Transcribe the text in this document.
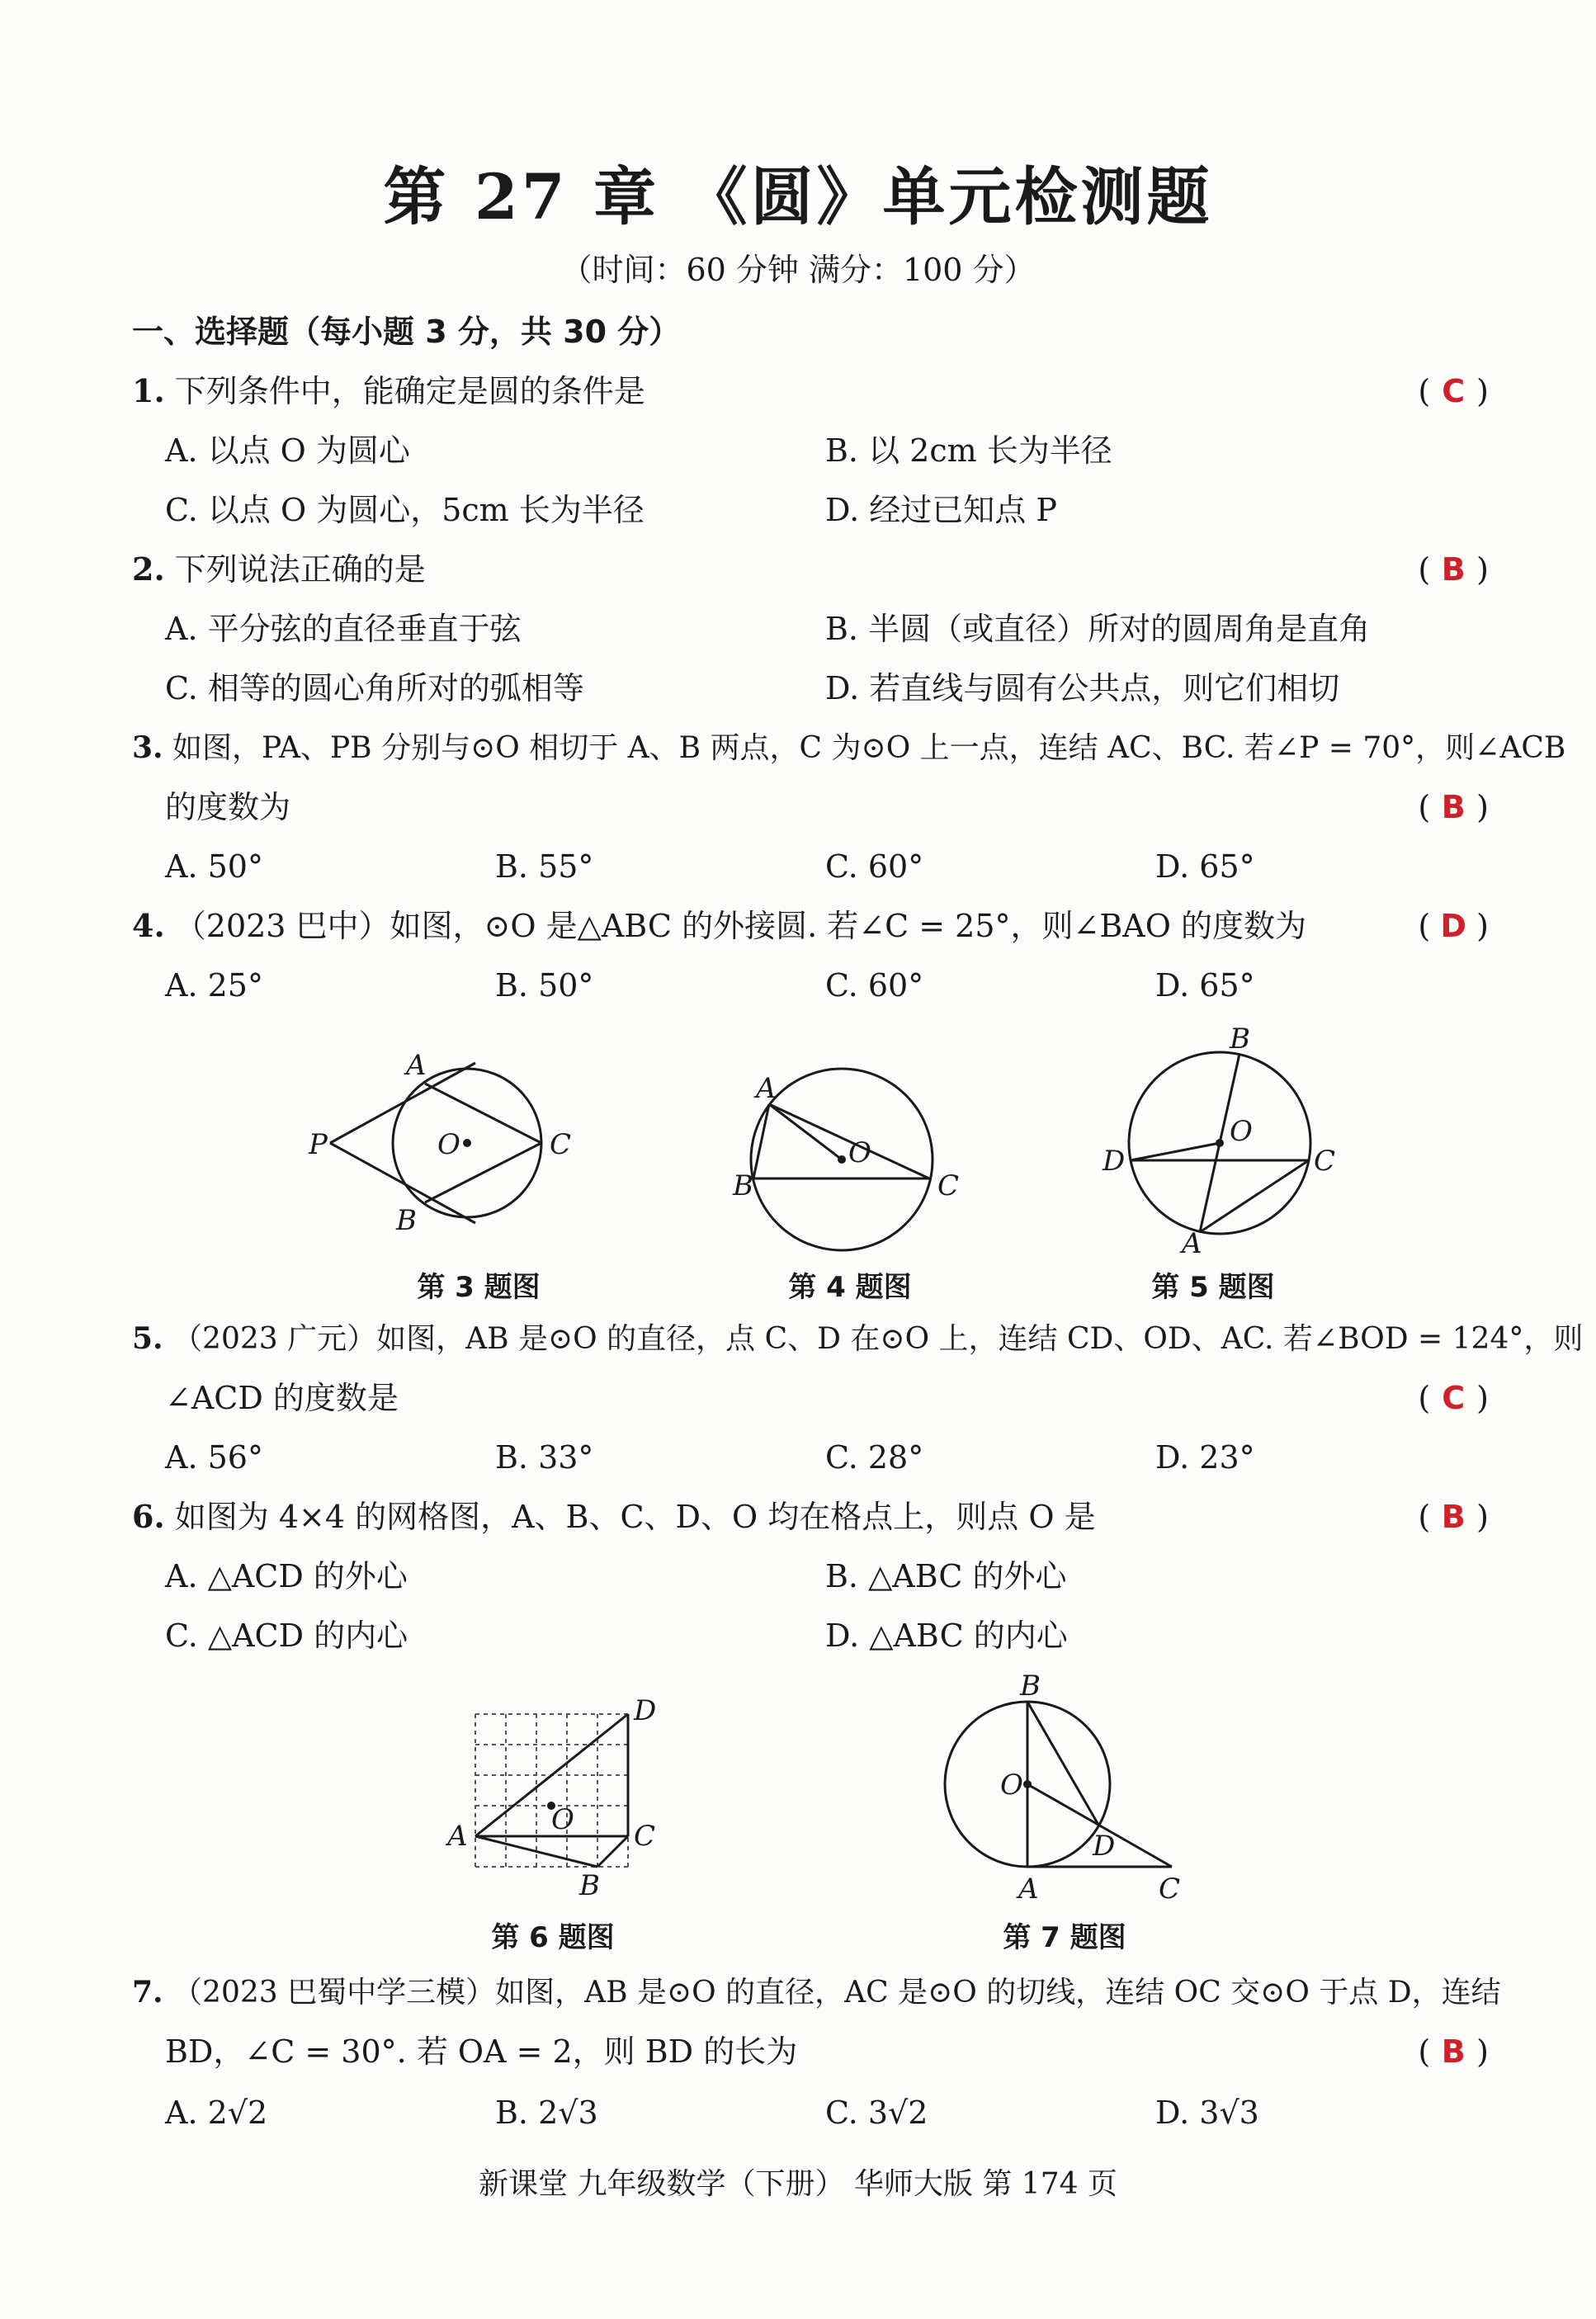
第 27 章 《圆》单元检测题
（时间：60 分钟 满分：100 分）
一、选择题（每小题 3 分，共 30 分）
1. 下列条件中，能确定是圆的条件是	( C )
A. 以点 O 为圆心	B. 以 2cm 长为半径
C. 以点 O 为圆心，5cm 长为半径	D. 经过已知点 P
2. 下列说法正确的是	( B )
A. 平分弦的直径垂直于弦	B. 半圆（或直径）所对的圆周角是直角
C. 相等的圆心角所对的弧相等	D. 若直线与圆有公共点，则它们相切
3. 如图，PA、PB 分别与⊙O 相切于 A、B 两点，C 为⊙O 上一点，连结 AC、BC. 若∠P = 70°，则∠ACB
的度数为	( B )
A. 50°	B. 55°	C. 60°	D. 65°
4. （2023 巴中）如图，⊙O 是△ABC 的外接圆. 若∠C = 25°，则∠BAO 的度数为	( D )
A. 25°	B. 50°	C. 60°	D. 65°
P
A
B
C
O
第 3 题图
A
B	C
O
第 4 题图
B
D	C
A
O
第 5 题图
5. （2023 广元）如图，AB 是⊙O 的直径，点 C、D 在⊙O 上，连结 CD、OD、AC. 若∠BOD = 124°，则
∠ACD 的度数是	( C )
A. 56°	B. 33°	C. 28°	D. 23°
6. 如图为 4×4 的网格图，A、B、C、D、O 均在格点上，则点 O 是	( B )
A. △ACD 的外心	B. △ABC 的外心
C. △ACD 的内心	D. △ABC 的内心
D
A	C
B
O
第 6 题图
B
O
D
A	C
第 7 题图
7. （2023 巴蜀中学三模）如图，AB 是⊙O 的直径，AC 是⊙O 的切线，连结 OC 交⊙O 于点 D，连结
BD，∠C = 30°. 若 OA = 2，则 BD 的长为	( B )
A. 2√2	B. 2√3	C. 3√2	D. 3√3
新课堂 九年级数学（下册） 华师大版 第 174 页
